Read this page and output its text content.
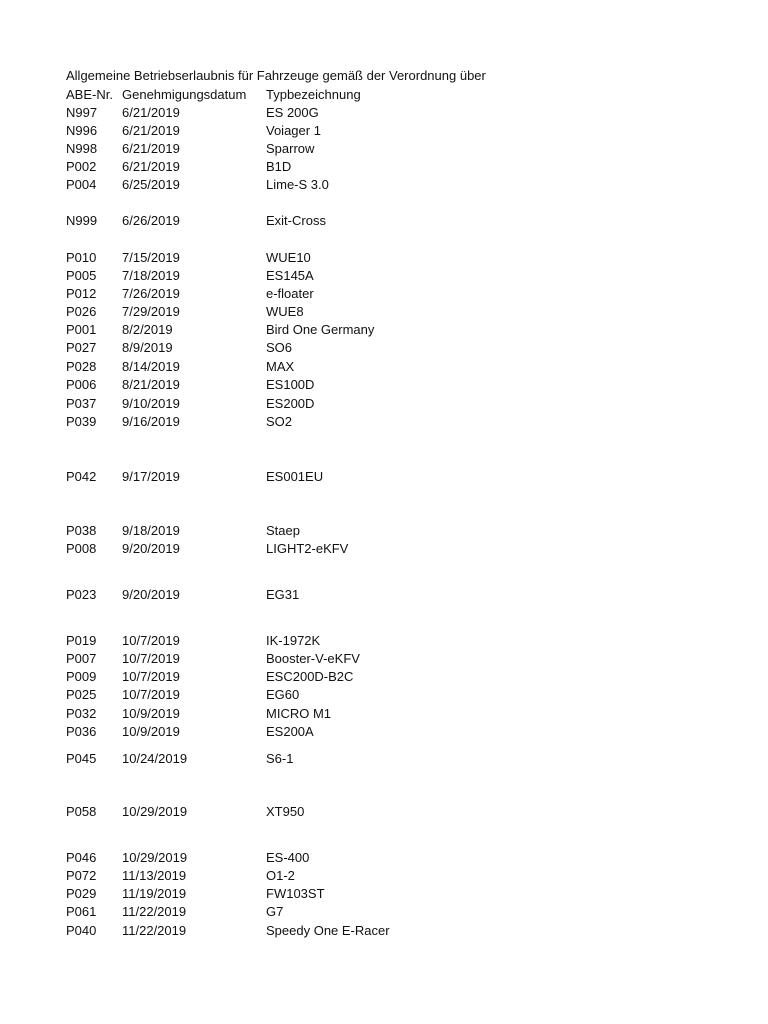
Allgemeine Betriebserlaubnis für Fahrzeuge gemäß der Verordnung über
ABE-Nr. Genehmigungsdatum Typbezeichnung
N997 6/21/2019	ES 200G
N996 6/21/2019	Voiager 1
N998 6/21/2019	Sparrow
P002 6/21/2019	B1D
P004 6/25/2019	Lime-S 3.0
N999 6/26/2019	Exit-Cross
P010 7/15/2019	WUE10
P005 7/18/2019	ES145A
P012 7/26/2019	e-floater
P026 7/29/2019	WUE8
P001 8/2/2019	Bird One Germany
P027 8/9/2019	SO6
P028 8/14/2019	MAX
P006 8/21/2019	ES100D
P037 9/10/2019	ES200D
P039 9/16/2019	SO2
P042 9/17/2019	ES001EU
P038 9/18/2019	Staep
P008 9/20/2019	LIGHT2-eKFV
P023 9/20/2019	EG31
P019 10/7/2019	IK-1972K
P007 10/7/2019	Booster-V-eKFV
P009 10/7/2019	ESC200D-B2C
P025 10/7/2019	EG60
P032 10/9/2019	MICRO M1
P036 10/9/2019	ES200A
P045 10/24/2019	S6-1
P058 10/29/2019	XT950
P046 10/29/2019	ES-400
P072 11/13/2019	O1-2
P029 11/19/2019	FW103ST
P061 11/22/2019	G7
P040 11/22/2019	Speedy One E-Racer
